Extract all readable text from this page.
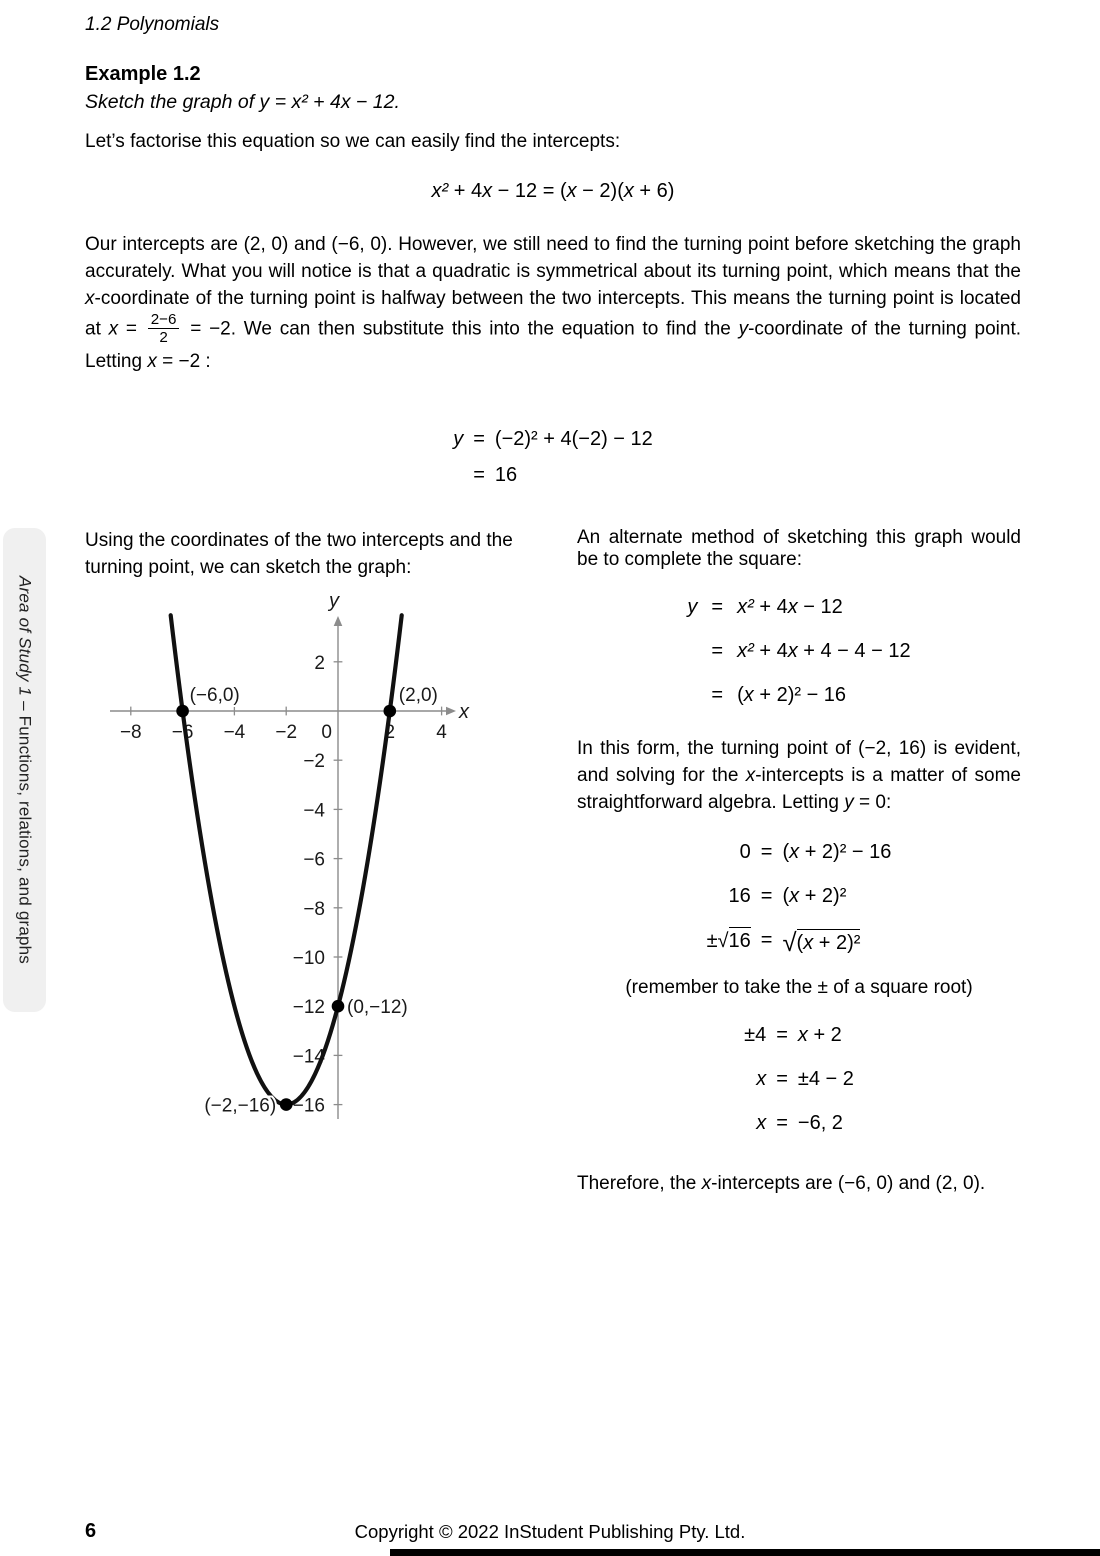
Area of Study 1 – Functions, relations, and graphs
1.2 Polynomials
Example 1.2
Sketch the graph of y = x² + 4x − 12.
Let’s factorise this equation so we can easily find the intercepts:
x² + 4x − 12 = (x − 2)(x + 6)
Our intercepts are (2, 0) and (−6, 0). However, we still need to find the turning point before sketching the graph accurately. What you will notice is that a quadratic is symmetrical about its turning point, which means that the x-coordinate of the turning point is halfway between the two intercepts. This means the turning point is located at $x = \frac{2-6}{2} = -2$. We can then substitute this into the equation to find the y-coordinate of the turning point. Letting x = −2 :
y = (−2)² + 4(−2) − 12
= 16
Using the coordinates of the two intercepts and the turning point, we can sketch the graph:
x
y
−8 −6 −4 −2 0	2 4
2
−2
−4
−6
−8
−10
−12
−14
−16
(−6,0)	(2,0)
(0,−12)
(−2,−16)
An alternate method of sketching this graph would be to complete the square:
y = x² + 4x − 12
= x² + 4x + 4 − 4 − 12
= (x + 2)² − 16
In this form, the turning point of (−2, 16) is evident, and solving for the x-intercepts is a matter of some straightforward algebra. Letting y = 0:
0 = (x + 2)² − 16
16 = (x + 2)²
±√16 = √(x + 2)²
(remember to take the ± of a square root)
±4 = x + 2
x = ±4 − 2
x = −6, 2
Therefore, the x-intercepts are (−6, 0) and (2, 0).
6	Copyright © 2022 InStudent Publishing Pty. Ltd.
